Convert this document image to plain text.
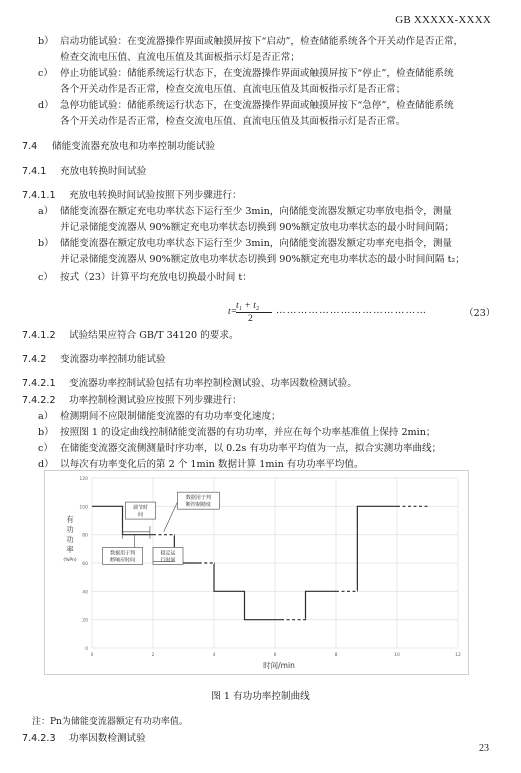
GB XXXXX-XXXX
b） 启动功能试验：在变流器操作界面或触摸屏按下“启动”，检查储能系统各个开关动作是否正常，
检查交流电压值、直流电压值及其面板指示灯是否正常；
c） 停止功能试验：储能系统运行状态下，在变流器操作界面或触摸屏按下“停止”，检查储能系统
各个开关动作是否正常，检查交流电压值、直流电压值及其面板指示灯是否正常；
d） 急停功能试验：储能系统运行状态下，在变流器操作界面或触摸屏按下“急停”，检查储能系统
各个开关动作是否正常，检查交流电压值、直流电压值及其面板指示灯是否正常。
7.4 储能变流器充放电和功率控制功能试验
7.4.1 充放电转换时间试验
7.4.1.1 充放电转换时间试验按照下列步骤进行：
a） 储能变流器在额定充电功率状态下运行至少 3min，向储能变流器发额定功率放电指令，测量
并记录储能变流器从 90%额定充电功率状态切换到 90%额定放电功率状态的最小时间间隔；
b） 储能变流器在额定放电功率状态下运行至少 3min，向储能变流器发额定功率充电指令，测量
并记录储能变流器从 90%额定放电功率状态切换到 90%额定充电功率状态的最小时间间隔 t₂；
c） 按式（23）计算平均充放电切换最小时间 t：
t=
t₁ + t₂
2
……………………………………	（23）
7.4.1.2 试验结果应符合 GB/T 34120 的要求。
7.4.2 变流器功率控制功能试验
7.4.2.1 变流器功率控制试验包括有功率控制检测试验、功率因数检测试验。
7.4.2.2 功率控制检测试验应按照下列步骤进行：
a） 检测期间不应限制储能变流器的有功功率变化速度；
b） 按照图 1 的设定曲线控制储能变流器的有功功率，并应在每个功率基准值上保持 2min；
c） 在储能变流器交流侧测量时序功率，以 0.2s 有功功率平均值为一点，拟合实测功率曲线；
d） 以每次有功率变化后的第 2 个 1min 数据计算 1min 有功功率平均值。
0
20
40
60
80
100
120
0	2	4	6	8	10	12
时间/min
有
功
功
率
(%Pn)
调节时
间
数据用于判
断控制精度
数据用于判
断响应时间
稳定运
行时间
图 1 有功功率控制曲线
注：Pn为储能变流器额定有功功率值。
7.4.2.3 功率因数检测试验
23
